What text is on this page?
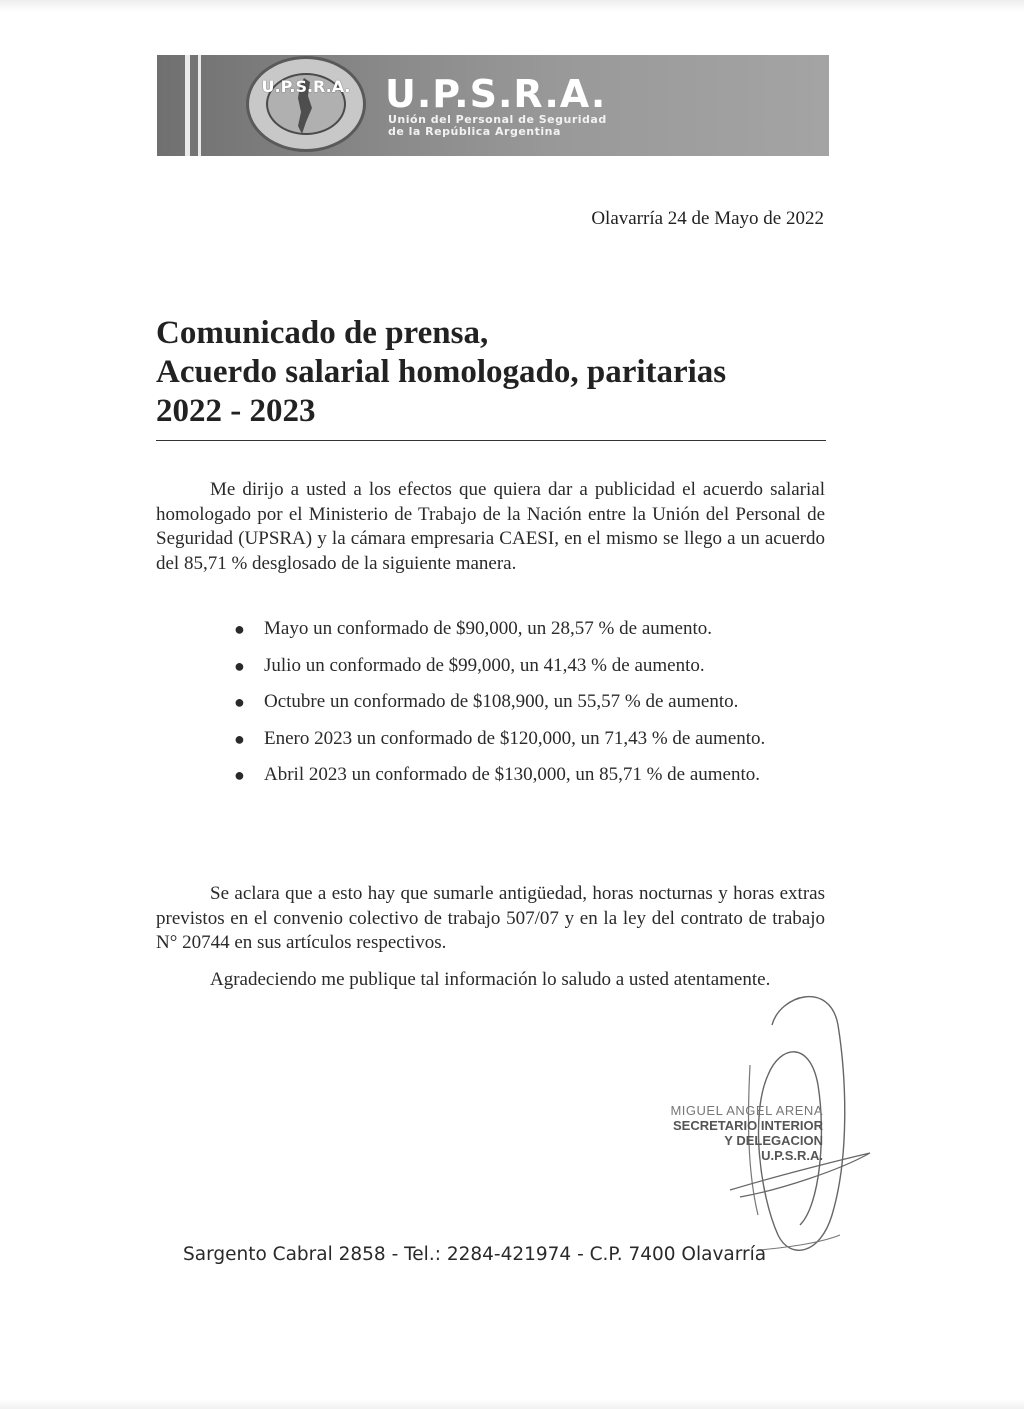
U.P.S.R.A. U.P.S.R.A.
Unión del Personal de Seguridad
de la República Argentina
Olavarría 24 de Mayo de 2022
Comunicado de prensa,
Acuerdo salarial homologado, paritarias
2022 - 2023

Me dirijo a usted a los efectos que quiera dar a publicidad el acuerdo salarial homologado por el Ministerio de Trabajo de la Nación entre la Unión del Personal de Seguridad (UPSRA) y la cámara empresaria CAESI, en el mismo se llego a un acuerdo del 85,71 % desglosado de la siguiente manera.

● Mayo un conformado de $90,000, un 28,57 % de aumento.
● Julio un conformado de $99,000, un 41,43 % de aumento.
● Octubre un conformado de $108,900, un 55,57 % de aumento.
● Enero 2023 un conformado de $120,000, un 71,43 % de aumento.
● Abril 2023 un conformado de $130,000, un 85,71 % de aumento.

Se aclara que a esto hay que sumarle antigüedad, horas nocturnas y horas extras previstos en el convenio colectivo de trabajo 507/07 y en la ley del contrato de trabajo N° 20744 en sus artículos respectivos.

Agradeciendo me publique tal información lo saludo a usted atentamente.

MIGUEL ANGEL ARENA
SECRETARIO INTERIOR
Y DELEGACION
U.P.S.R.A.
Sargento Cabral 2858 - Tel.: 2284-421974 - C.P. 7400 Olavarría
